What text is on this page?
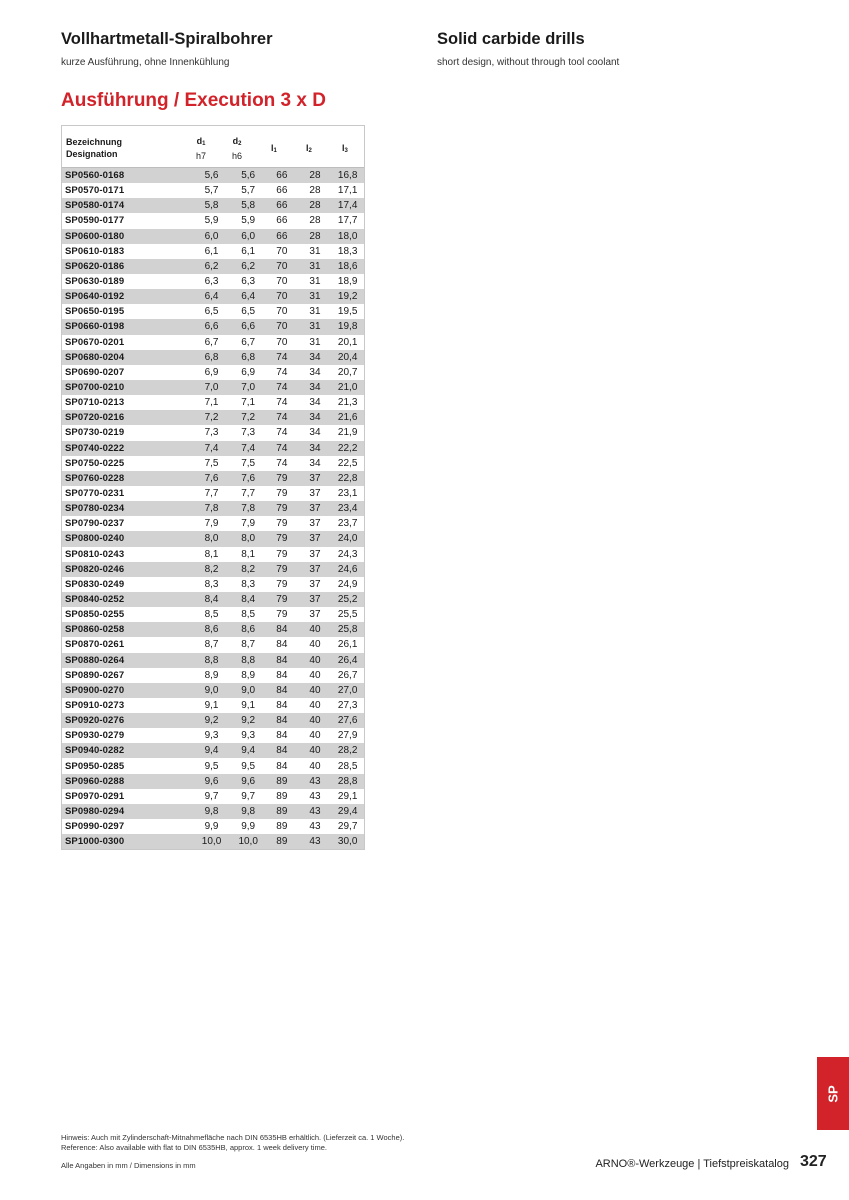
Vollhartmetall-Spiralbohrer
kurze Ausführung, ohne Innenkühlung
Solid carbide drills
short design, without through tool coolant
Ausführung / Execution 3 x D
Bezeichnung
Designation
$d_1$
h7
$d_2$
h6
$l_1$	$l_2$	$l_3$
SP0560-0168	5,6	5,6	66	28	16,8
SP0570-0171	5,7	5,7	66	28	17,1
SP0580-0174	5,8	5,8	66	28	17,4
SP0590-0177	5,9	5,9	66	28	17,7
SP0600-0180	6,0	6,0	66	28	18,0
SP0610-0183	6,1	6,1	70	31	18,3
SP0620-0186	6,2	6,2	70	31	18,6
SP0630-0189	6,3	6,3	70	31	18,9
SP0640-0192	6,4	6,4	70	31	19,2
SP0650-0195	6,5	6,5	70	31	19,5
SP0660-0198	6,6	6,6	70	31	19,8
SP0670-0201	6,7	6,7	70	31	20,1
SP0680-0204	6,8	6,8	74	34	20,4
SP0690-0207	6,9	6,9	74	34	20,7
SP0700-0210	7,0	7,0	74	34	21,0
SP0710-0213	7,1	7,1	74	34	21,3
SP0720-0216	7,2	7,2	74	34	21,6
SP0730-0219	7,3	7,3	74	34	21,9
SP0740-0222	7,4	7,4	74	34	22,2
SP0750-0225	7,5	7,5	74	34	22,5
SP0760-0228	7,6	7,6	79	37	22,8
SP0770-0231	7,7	7,7	79	37	23,1
SP0780-0234	7,8	7,8	79	37	23,4
SP0790-0237	7,9	7,9	79	37	23,7
SP0800-0240	8,0	8,0	79	37	24,0
SP0810-0243	8,1	8,1	79	37	24,3
SP0820-0246	8,2	8,2	79	37	24,6
SP0830-0249	8,3	8,3	79	37	24,9
SP0840-0252	8,4	8,4	79	37	25,2
SP0850-0255	8,5	8,5	79	37	25,5
SP0860-0258	8,6	8,6	84	40	25,8
SP0870-0261	8,7	8,7	84	40	26,1
SP0880-0264	8,8	8,8	84	40	26,4
SP0890-0267	8,9	8,9	84	40	26,7
SP0900-0270	9,0	9,0	84	40	27,0
SP0910-0273	9,1	9,1	84	40	27,3
SP0920-0276	9,2	9,2	84	40	27,6
SP0930-0279	9,3	9,3	84	40	27,9
SP0940-0282	9,4	9,4	84	40	28,2
SP0950-0285	9,5	9,5	84	40	28,5
SP0960-0288	9,6	9,6	89	43	28,8
SP0970-0291	9,7	9,7	89	43	29,1
SP0980-0294	9,8	9,8	89	43	29,4
SP0990-0297	9,9	9,9	89	43	29,7
SP1000-0300	10,0	10,0	89	43	30,0
SP
Hinweis: Auch mit Zylinderschaft-Mitnahmefläche nach DIN 6535HB erhältlich. (Lieferzeit ca. 1 Woche).
Reference: Also available with flat to DIN 6535HB, approx. 1 week delivery time.
Alle Angaben in mm / Dimensions in mm	ARNO®-Werkzeuge | Tiefstpreiskatalog 327
